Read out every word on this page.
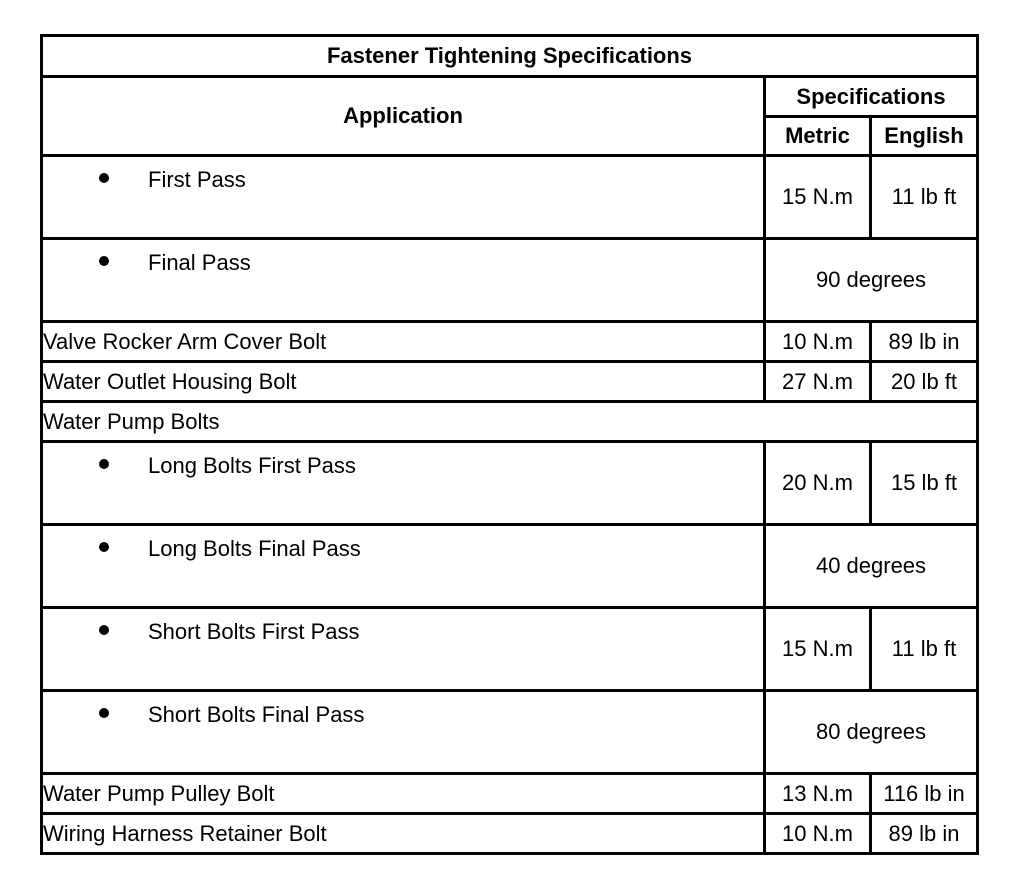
Fastener Tightening Specifications		
Application	Specifications	
	Metric	English

First Pass	15 N.m	11 lb ft

Final Pass	90 degrees	
Valve Rocker Arm Cover Bolt	10 N.m	89 lb in
Water Outlet Housing Bolt	27 N.m	20 lb ft
Water Pump Bolts		

Long Bolts First Pass	20 N.m	15 lb ft

Long Bolts Final Pass	40 degrees	

Short Bolts First Pass	15 N.m	11 lb ft

Short Bolts Final Pass	80 degrees	
Water Pump Pulley Bolt	13 N.m	116 lb in
Wiring Harness Retainer Bolt	10 N.m	89 lb in
